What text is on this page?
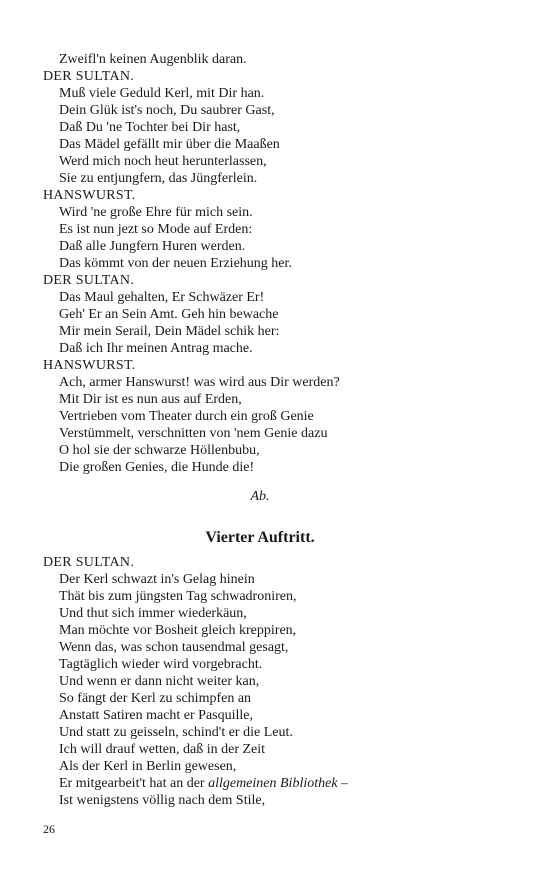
Zweifl'n keinen Augenblik daran.
DER SULTAN.
Muß viele Geduld Kerl, mit Dir han.
Dein Glük ist's noch, Du saubrer Gast,
Daß Du 'ne Tochter bei Dir hast,
Das Mädel gefällt mir über die Maaßen
Werd mich noch heut herunterlassen,
Sie zu entjungfern, das Jüngferlein.
HANSWURST.
Wird 'ne große Ehre für mich sein.
Es ist nun jezt so Mode auf Erden:
Daß alle Jungfern Huren werden.
Das kömmt von der neuen Erziehung her.
DER SULTAN.
Das Maul gehalten, Er Schwäzer Er!
Geh' Er an Sein Amt. Geh hin bewache
Mir mein Serail, Dein Mädel schik her:
Daß ich Ihr meinen Antrag mache.
HANSWURST.
Ach, armer Hanswurst! was wird aus Dir werden?
Mit Dir ist es nun aus auf Erden,
Vertrieben vom Theater durch ein groß Genie
Verstümmelt, verschnitten von 'nem Genie dazu
O hol sie der schwarze Höllenbubu,
Die großen Genies, die Hunde die!
Ab.
Vierter Auftritt.
DER SULTAN.
Der Kerl schwazt in's Gelag hinein
Thät bis zum jüngsten Tag schwadroniren,
Und thut sich immer wiederkäun,
Man möchte vor Bosheit gleich kreppiren,
Wenn das, was schon tausendmal gesagt,
Tagtäglich wieder wird vorgebracht.
Und wenn er dann nicht weiter kan,
So fängt der Kerl zu schimpfen an
Anstatt Satiren macht er Pasquille,
Und statt zu geisseln, schind't er die Leut.
Ich will drauf wetten, daß in der Zeit
Als der Kerl in Berlin gewesen,
Er mitgearbeit't hat an der allgemeinen Bibliothek –
Ist wenigstens völlig nach dem Stile,
26
